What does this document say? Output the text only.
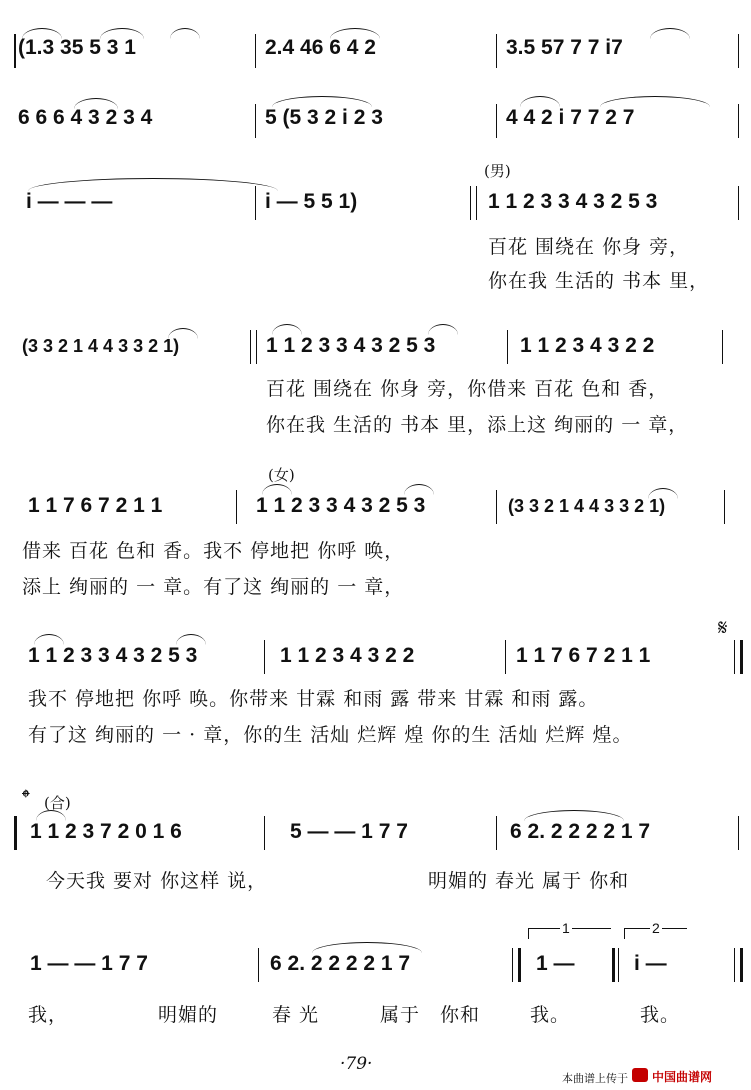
(1.3 35 5 3 1	2.4 46 6 4 2	3.5 57 7 7 i7
6 6 6 4 3 2 3 4	5 (5 3 2 i 2 3	4 4 2 i 7 7 2 7
i — — —	i — 5 5 1)
(男)
1 1 2 3 3 4 3 2 5 3
百花 围绕在 你身 旁，
你在我 生活的 书本 里，
(3 3 2 1 4 4 3 3 2 1)	1 1 2 3 3 4 3 2 5 3	1 1 2 3 4 3 2 2
百花 围绕在 你身 旁，你借来 百花 色和 香，
你在我 生活的 书本 里，添上这 绚丽的 一 章，
(女)
1 1 7 6 7 2 1 1	1 1 2 3 3 4 3 2 5 3	(3 3 2 1 4 4 3 3 2 1)
借来 百花 色和 香。我不 停地把 你呼 唤，
添上 绚丽的 一 章。有了这 绚丽的 一 章，
𝄋
1 1 2 3 3 4 3 2 5 3	1 1 2 3 4 3 2 2	1 1 7 6 7 2 1 1
我不 停地把 你呼 唤。你带来 甘霖 和雨 露 带来 甘霖 和雨 露。
有了这 绚丽的 一 · 章，你的生 活灿 烂辉 煌 你的生 活灿 烂辉 煌。
𝄌 (合)
1 1 2 3 7 2 0 1 6	5 — — 1 7 7	6 2. 2 2 2 2 1 7
今天我 要对 你这样 说，	明媚的 春光 属于 你和
1 — — 1 7 7	6 2. 2 2 2 2 1 7
1
1 —
2
i —
我，	明媚的	春 光	属于 你和	我。	我。
·79·
本曲谱上传于 中国曲谱网
